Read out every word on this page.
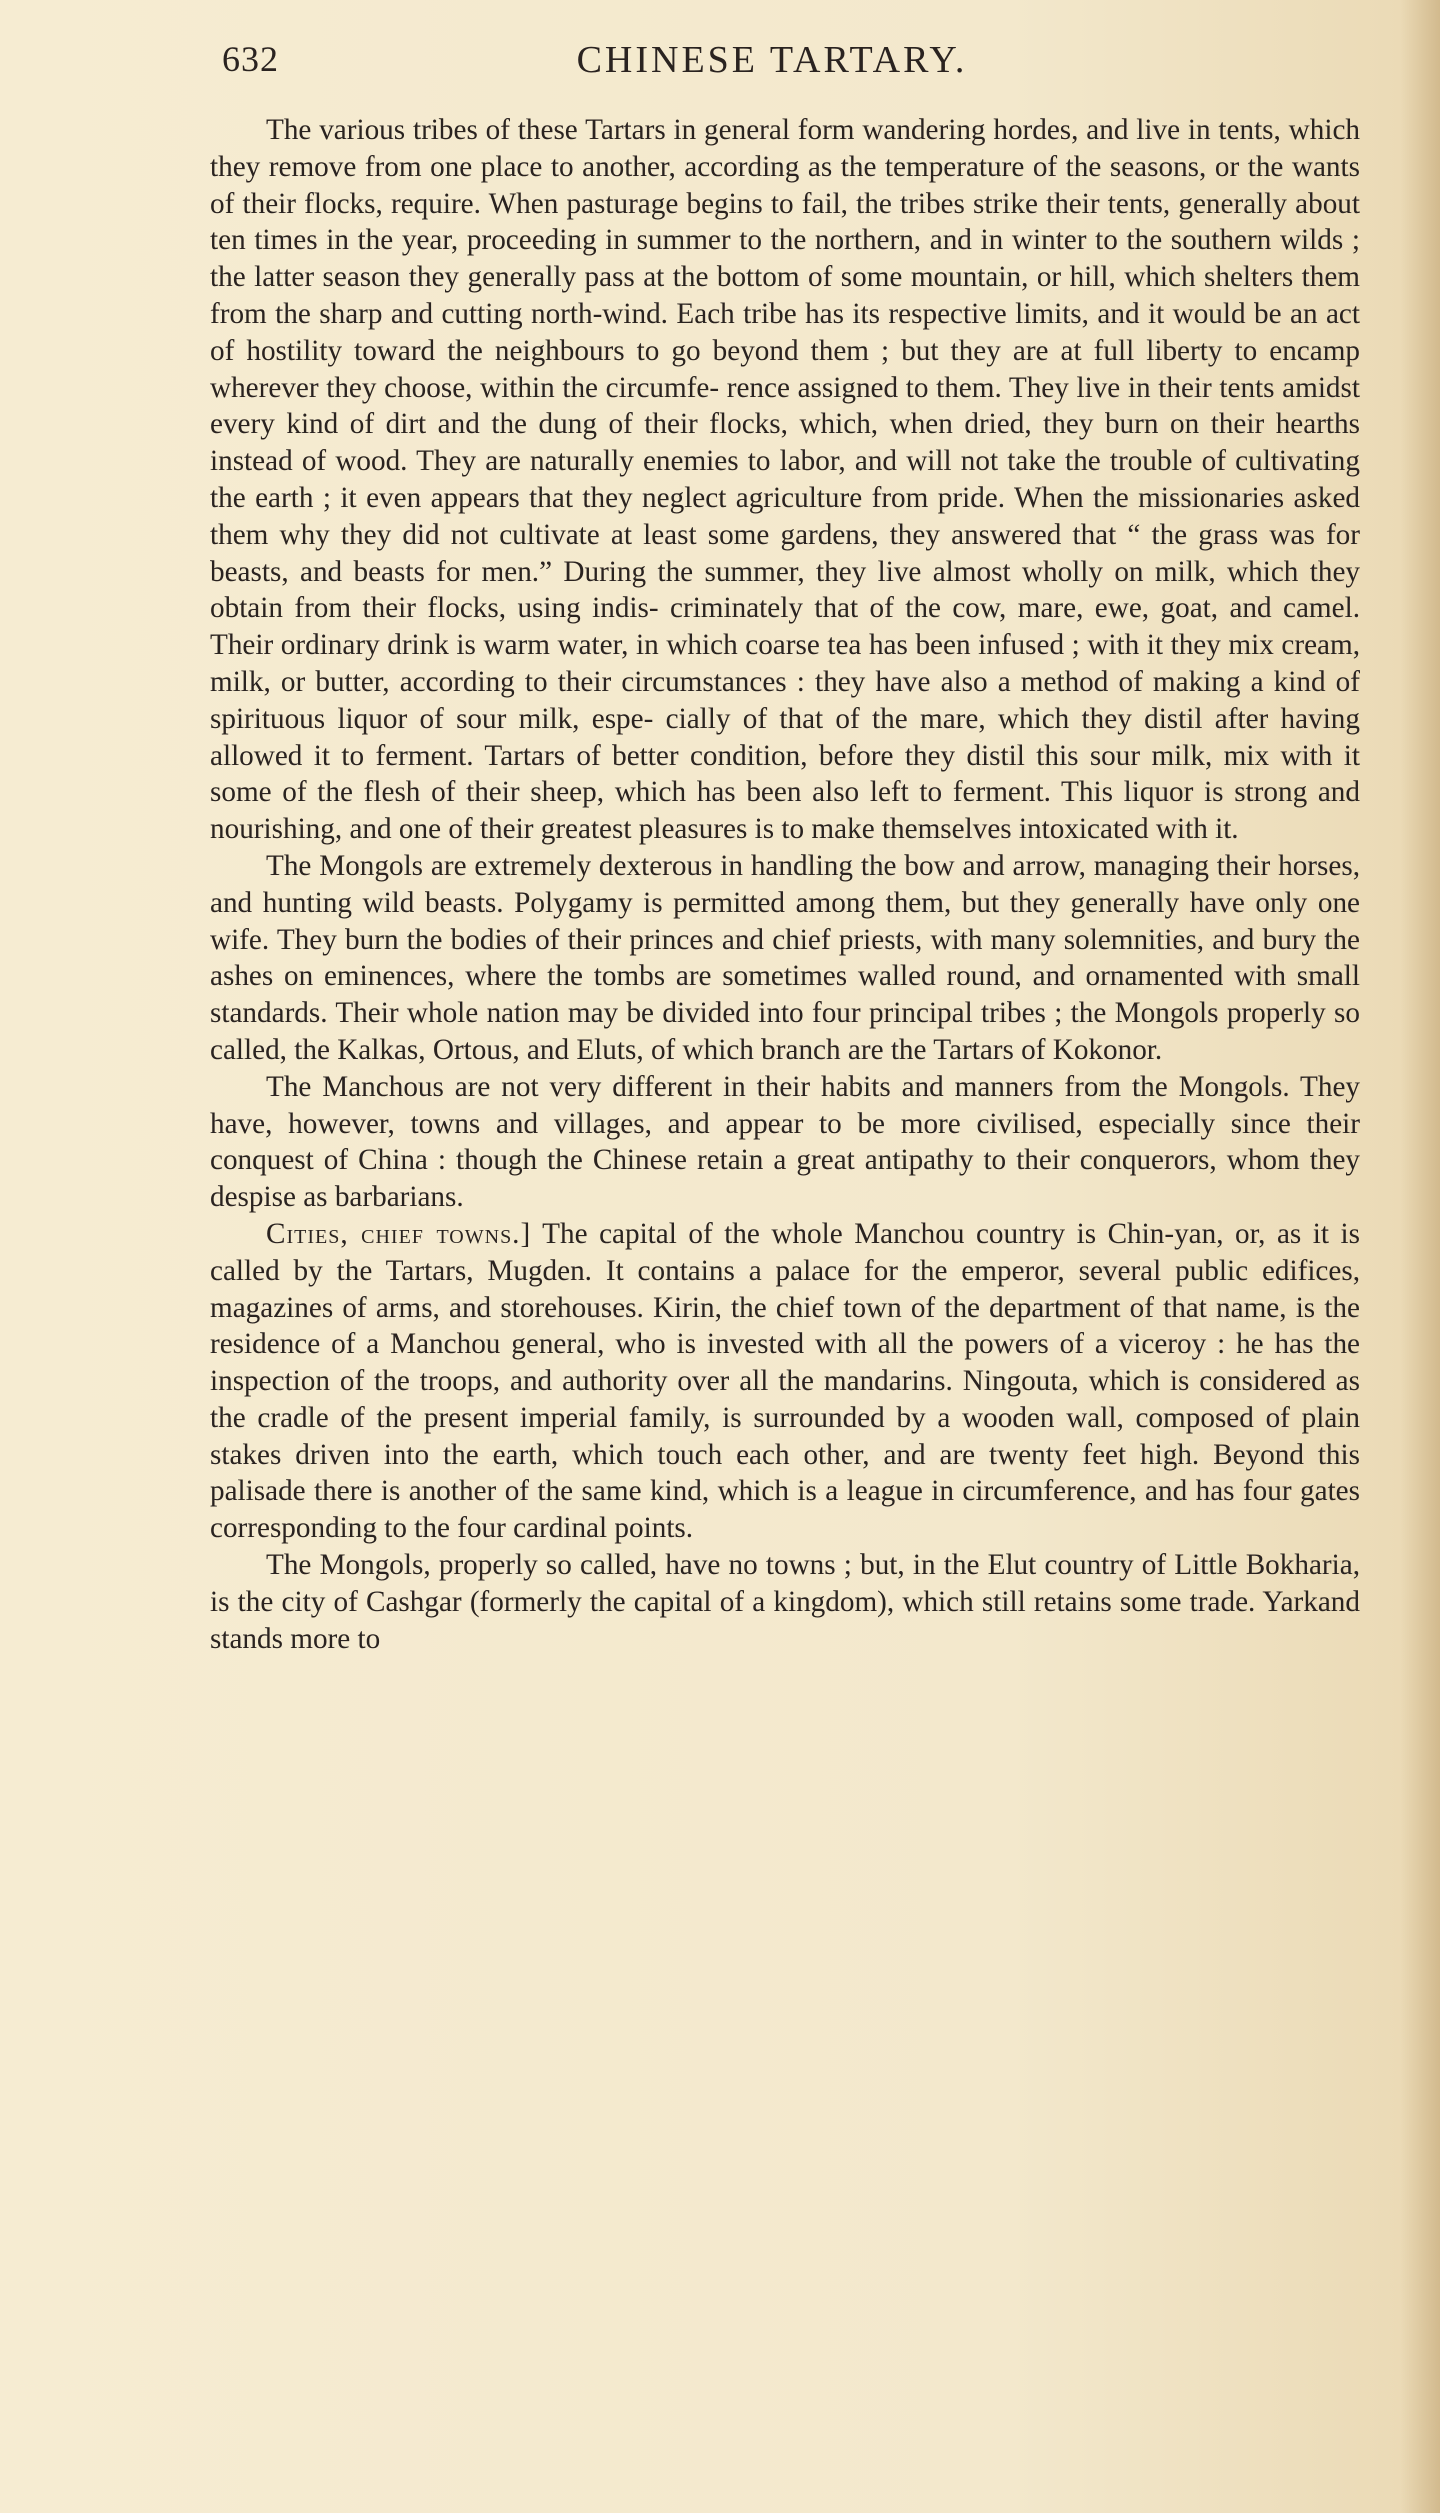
632	CHINESE TARTARY.

The various tribes of these Tartars in general form wandering hordes, and live in tents, which they remove from one place to another, according as the temperature of the seasons, or the wants of their flocks, require. When pasturage begins to fail, the tribes strike their tents, generally about ten times in the year, proceeding in summer to the northern, and in winter to the southern wilds ; the latter season they generally pass at the bottom of some mountain, or hill, which shelters them from the sharp and cutting north-wind. Each tribe has its respective limits, and it would be an act of hostility toward the neighbours to go beyond them ; but they are at full liberty to encamp wherever they choose, within the circumfe- rence assigned to them. They live in their tents amidst every kind of dirt and the dung of their flocks, which, when dried, they burn on their hearths instead of wood. They are naturally enemies to labor, and will not take the trouble of cultivating the earth ; it even appears that they neglect agriculture from pride. When the missionaries asked them why they did not cultivate at least some gardens, they answered that “ the grass was for beasts, and beasts for men.” During the summer, they live almost wholly on milk, which they obtain from their flocks, using indis- criminately that of the cow, mare, ewe, goat, and camel. Their ordinary drink is warm water, in which coarse tea has been infused ; with it they mix cream, milk, or butter, according to their circumstances : they have also a method of making a kind of spirituous liquor of sour milk, espe- cially of that of the mare, which they distil after having allowed it to ferment. Tartars of better condition, before they distil this sour milk, mix with it some of the flesh of their sheep, which has been also left to ferment. This liquor is strong and nourishing, and one of their greatest pleasures is to make themselves intoxicated with it.

The Mongols are extremely dexterous in handling the bow and arrow, managing their horses, and hunting wild beasts. Polygamy is permitted among them, but they generally have only one wife. They burn the bodies of their princes and chief priests, with many solemnities, and bury the ashes on eminences, where the tombs are sometimes walled round, and ornamented with small standards. Their whole nation may be divided into four principal tribes ; the Mongols properly so called, the Kalkas, Ortous, and Eluts, of which branch are the Tartars of Kokonor.

The Manchous are not very different in their habits and manners from the Mongols. They have, however, towns and villages, and appear to be more civilised, especially since their conquest of China : though the Chinese retain a great antipathy to their conquerors, whom they despise as barbarians.

Cities, chief towns.] The capital of the whole Manchou country is Chin-yan, or, as it is called by the Tartars, Mugden. It contains a palace for the emperor, several public edifices, magazines of arms, and storehouses. Kirin, the chief town of the department of that name, is the residence of a Manchou general, who is invested with all the powers of a viceroy : he has the inspection of the troops, and authority over all the mandarins. Ningouta, which is considered as the cradle of the present imperial family, is surrounded by a wooden wall, composed of plain stakes driven into the earth, which touch each other, and are twenty feet high. Beyond this palisade there is another of the same kind, which is a league in circumference, and has four gates corresponding to the four cardinal points.

The Mongols, properly so called, have no towns ; but, in the Elut country of Little Bokharia, is the city of Cashgar (formerly the capital of a kingdom), which still retains some trade. Yarkand stands more to
